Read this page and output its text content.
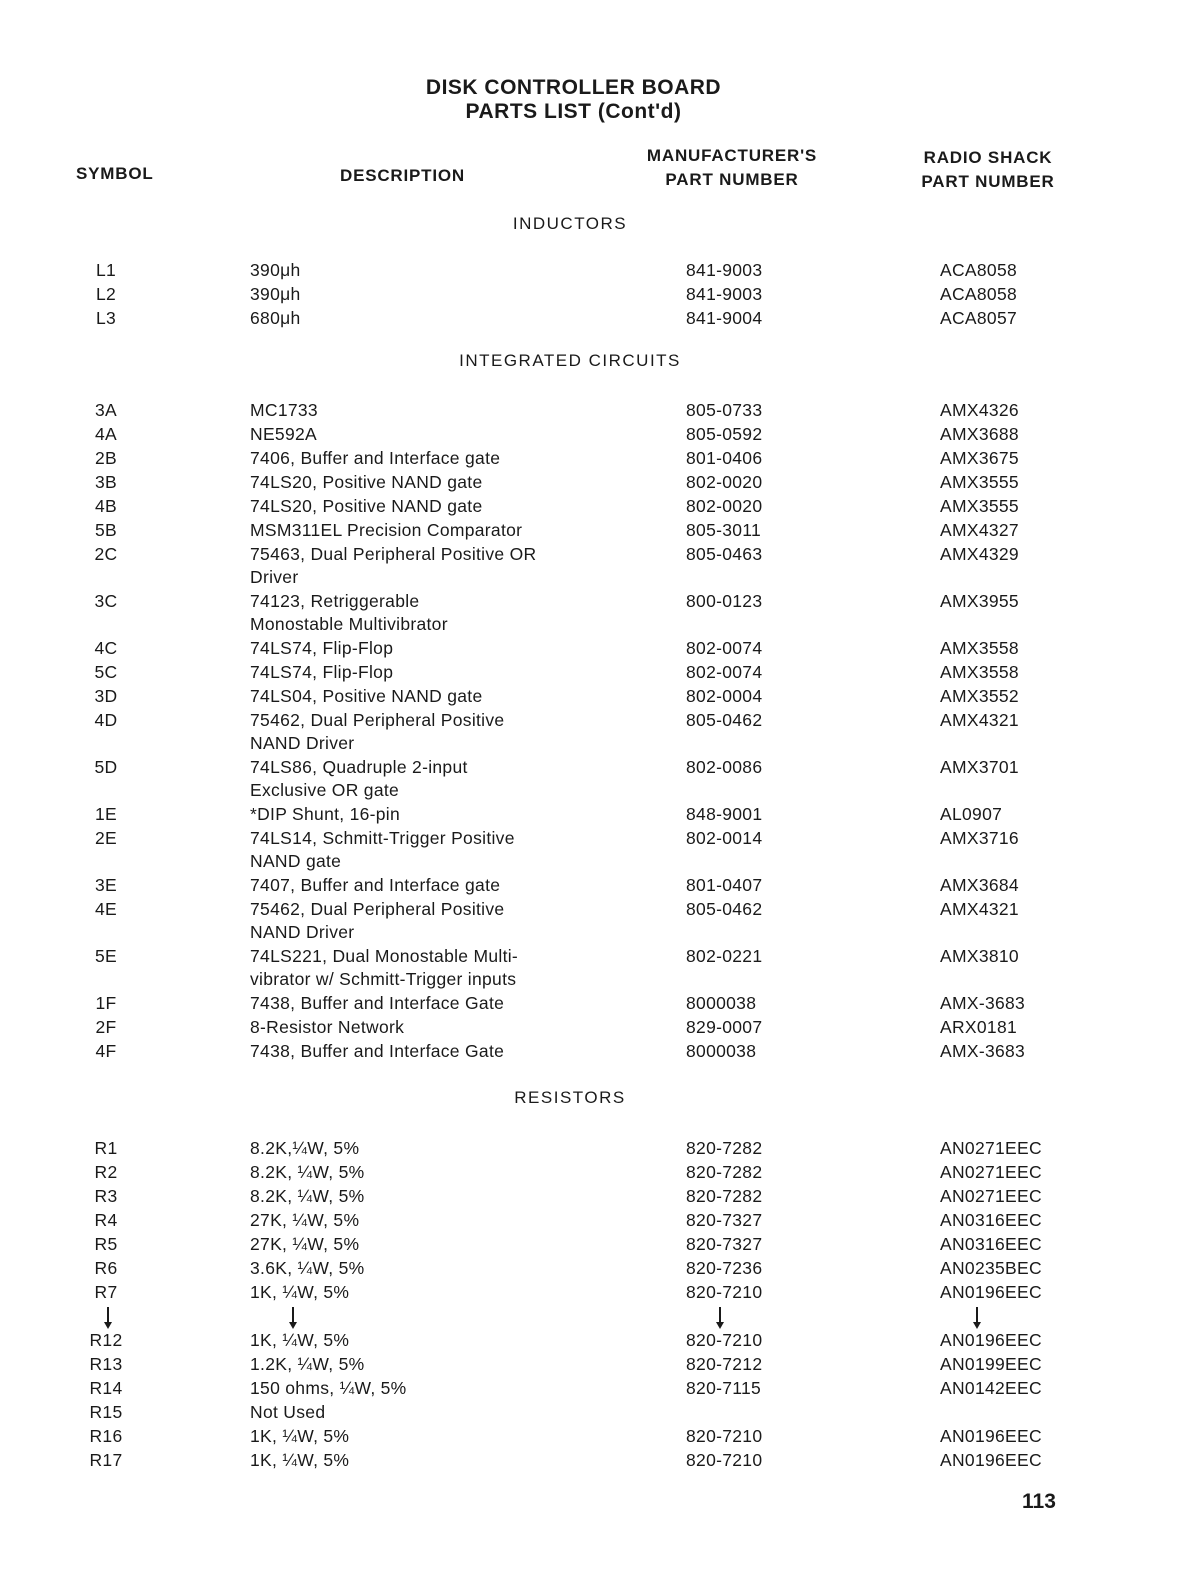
DISK CONTROLLER BOARD
PARTS LIST (Cont'd)
SYMBOL	DESCRIPTION
MANUFACTURER'S
PART NUMBER
RADIO SHACK
PART NUMBER
INDUCTORS
L1	390μh	841-9003	ACA8058
L2	390μh	841-9003	ACA8058
L3	680μh	841-9004	ACA8057
INTEGRATED CIRCUITS
3A	MC1733	805-0733	AMX4326
4A	NE592A	805-0592	AMX3688
2B	7406, Buffer and Interface gate	801-0406	AMX3675
3B	74LS20, Positive NAND gate	802-0020	AMX3555
4B	74LS20, Positive NAND gate	802-0020	AMX3555
5B	MSM311EL Precision Comparator	805-3011	AMX4327
2C	75463, Dual Peripheral Positive OR
Driver
805-0463	AMX4329
3C	74123, Retriggerable
Monostable Multivibrator
800-0123	AMX3955
4C	74LS74, Flip-Flop	802-0074	AMX3558
5C	74LS74, Flip-Flop	802-0074	AMX3558
3D	74LS04, Positive NAND gate	802-0004	AMX3552
4D	75462, Dual Peripheral Positive
NAND Driver
805-0462	AMX4321
5D	74LS86, Quadruple 2-input
Exclusive OR gate
802-0086	AMX3701
1E	*DIP Shunt, 16-pin	848-9001	AL0907
2E	74LS14, Schmitt-Trigger Positive
NAND gate
802-0014	AMX3716
3E	7407, Buffer and Interface gate	801-0407	AMX3684
4E	75462, Dual Peripheral Positive
NAND Driver
805-0462	AMX4321
5E	74LS221, Dual Monostable Multi-
vibrator w/ Schmitt-Trigger inputs
802-0221	AMX3810
1F	7438, Buffer and Interface Gate	8000038	AMX-3683
2F	8-Resistor Network	829-0007	ARX0181
4F	7438, Buffer and Interface Gate	8000038	AMX-3683
RESISTORS
R1	8.2K,¼W, 5%	820-7282	AN0271EEC
R2	8.2K, ¼W, 5%	820-7282	AN0271EEC
R3	8.2K, ¼W, 5%	820-7282	AN0271EEC
R4	27K, ¼W, 5%	820-7327	AN0316EEC
R5	27K, ¼W, 5%	820-7327	AN0316EEC
R6	3.6K, ¼W, 5%	820-7236	AN0235BEC
R7	1K, ¼W, 5%	820-7210	AN0196EEC
R12	1K, ¼W, 5%	820-7210	AN0196EEC
R13	1.2K, ¼W, 5%	820-7212	AN0199EEC
R14	150 ohms, ¼W, 5%	820-7115	AN0142EEC
R15	Not Used
R16	1K, ¼W, 5%	820-7210	AN0196EEC
R17	1K, ¼W, 5%	820-7210	AN0196EEC
113
